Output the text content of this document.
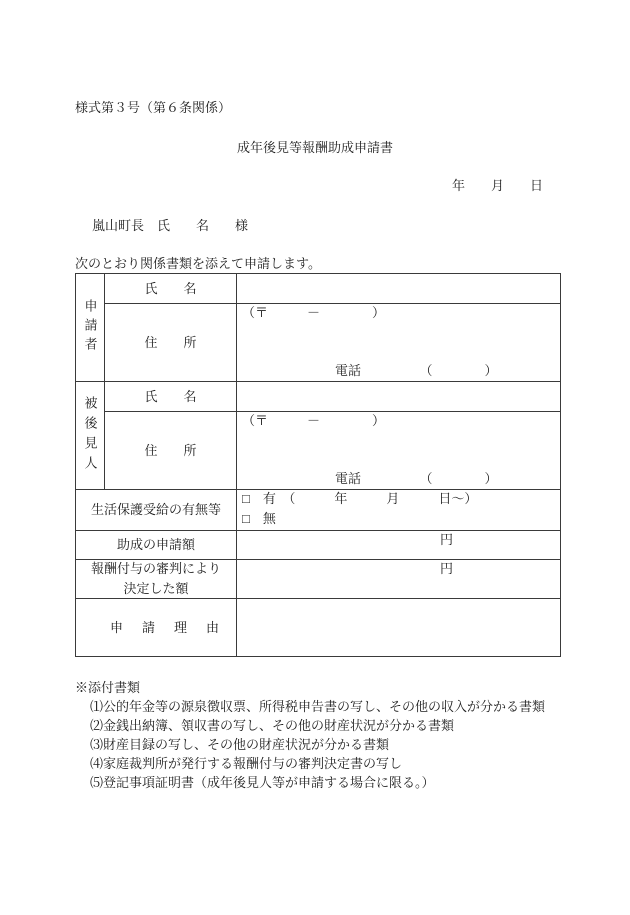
様式第３号（第６条関係）
成年後見等報酬助成申請書
年　　月　　日
嵐山町長　氏　　名　　様
次のとおり関係書類を添えて申請します。
申請者
氏　　名
住　　所
（〒　　　－　　　　）
電話　　　　　（　　　　）
被後見人	氏　　名
住　　所
（〒　　　－　　　　）
電話　　　　　（　　　　）
生活保護受給の有無等
□　有　（　　　年　　　月　　　日～）
□　無
助成の申請額	円
報酬付与の審判により
決定した額
円
申　請　理　由
※添付書類
⑴公的年金等の源泉徴収票、所得税申告書の写し、その他の収入が分かる書類
⑵金銭出納簿、領収書の写し、その他の財産状況が分かる書類
⑶財産目録の写し、その他の財産状況が分かる書類
⑷家庭裁判所が発行する報酬付与の審判決定書の写し
⑸登記事項証明書（成年後見人等が申請する場合に限る。）
